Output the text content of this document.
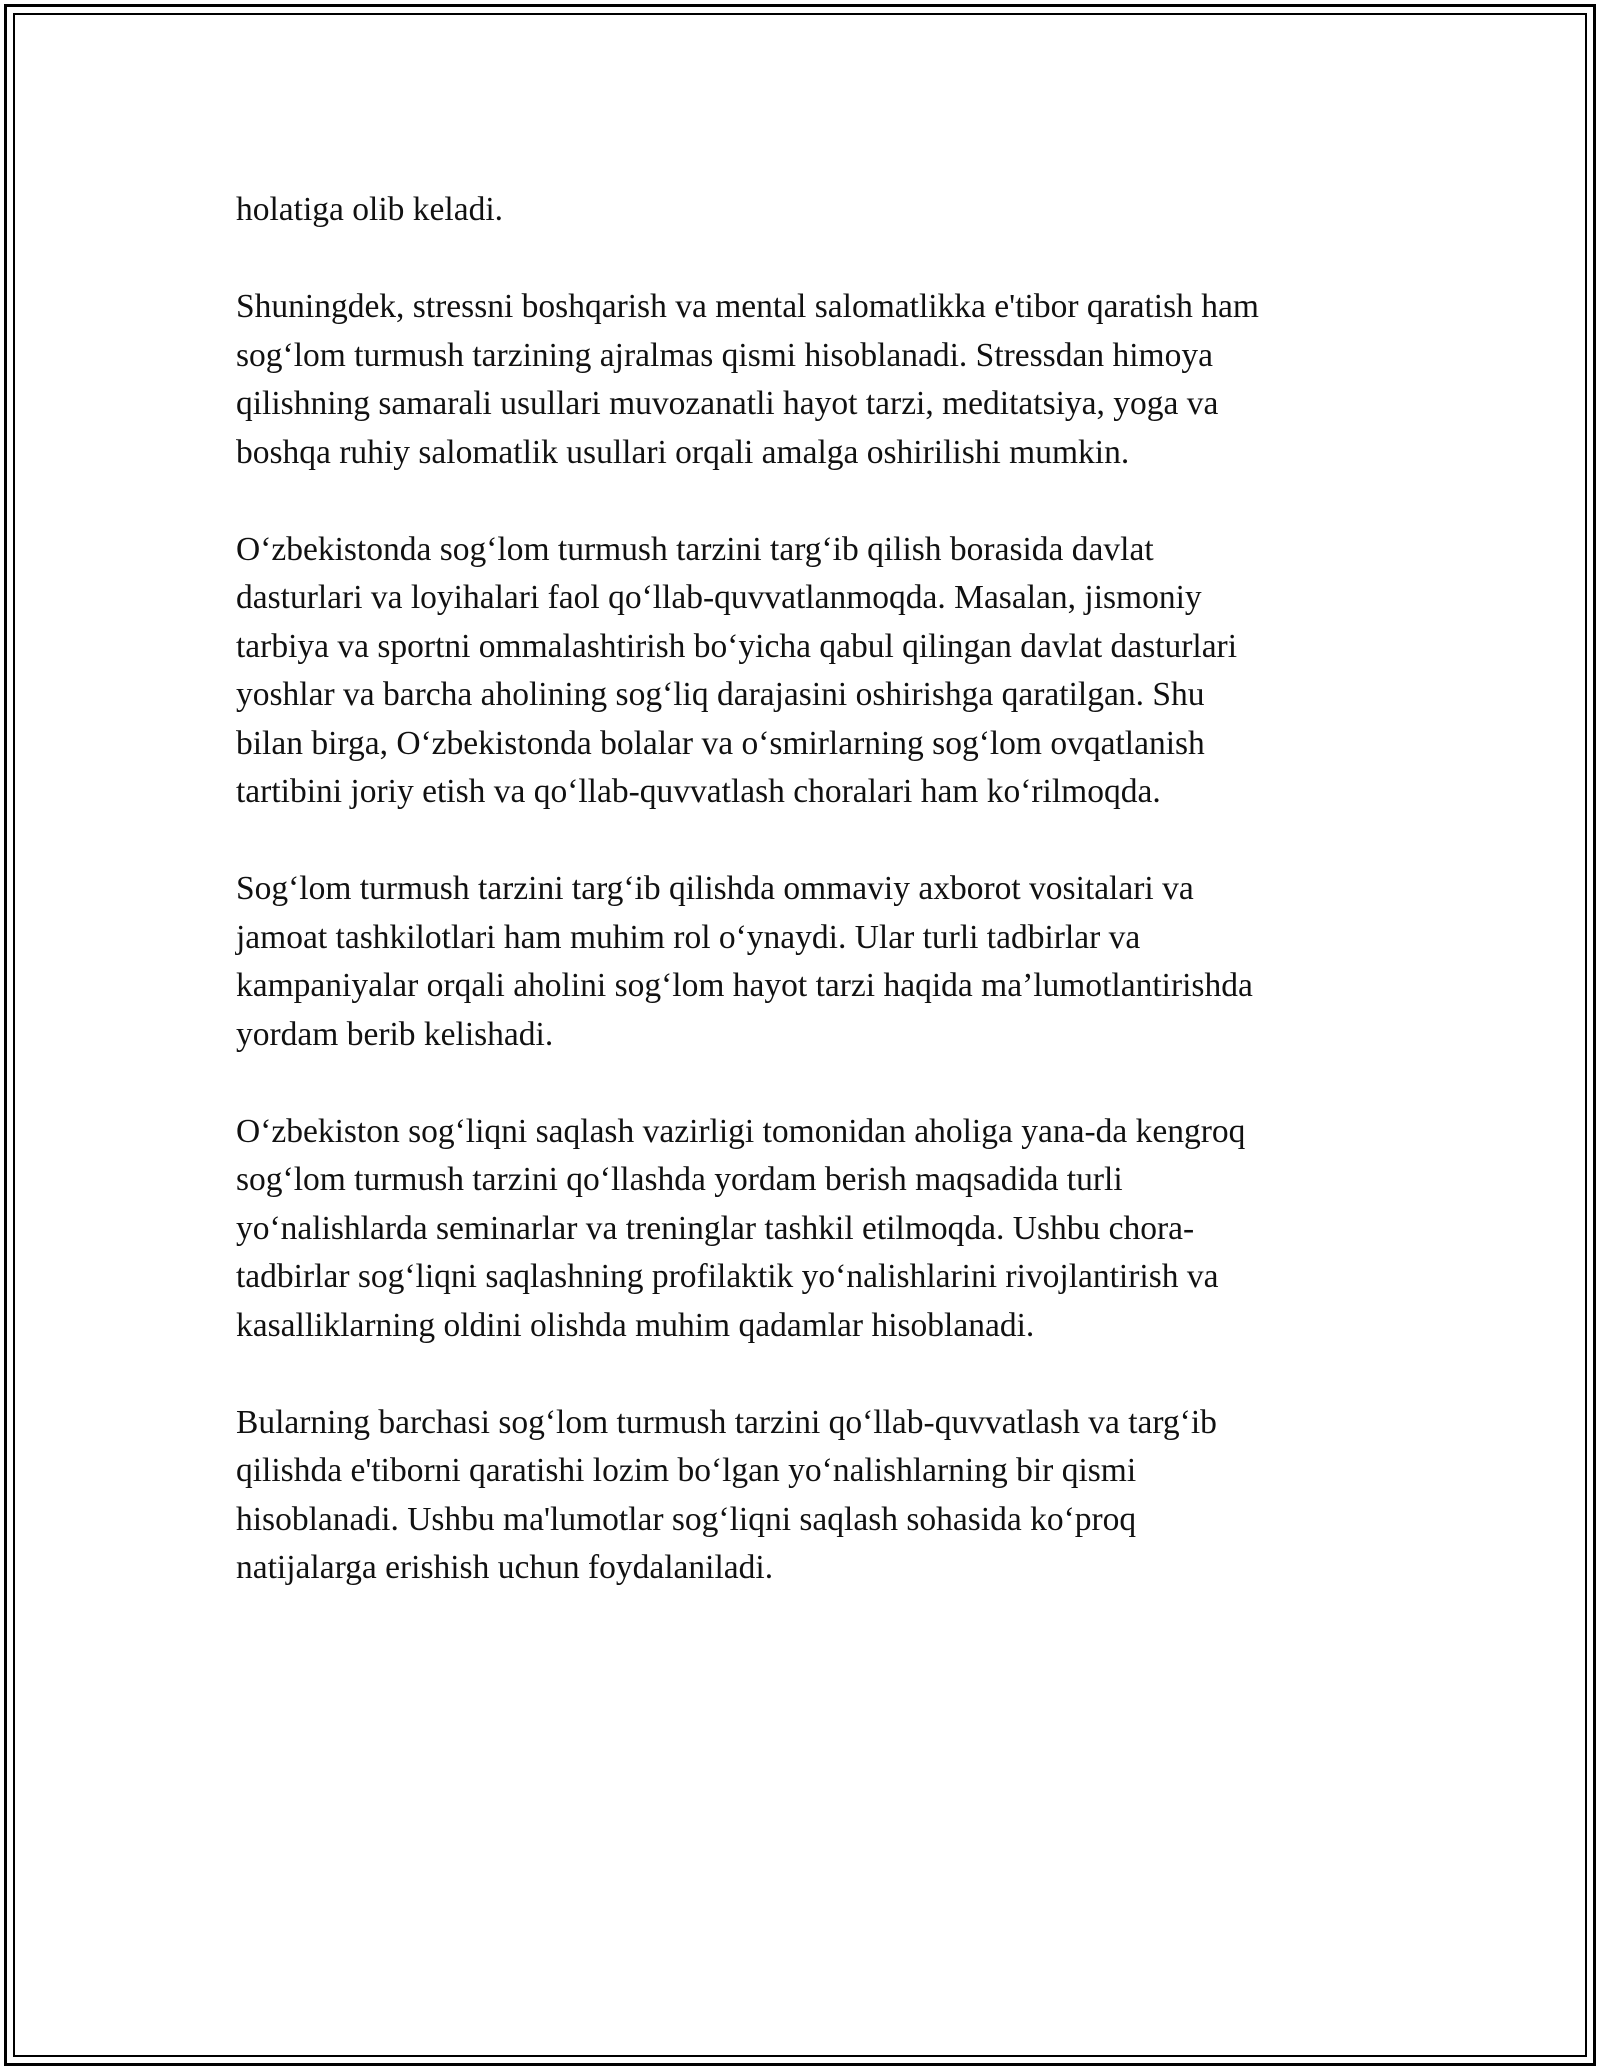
holatiga olib keladi.

Shuningdek, stressni boshqarish va mental salomatlikka e'tibor qaratish ham
sog‘lom turmush tarzining ajralmas qismi hisoblanadi. Stressdan himoya
qilishning samarali usullari muvozanatli hayot tarzi, meditatsiya, yoga va
boshqa ruhiy salomatlik usullari orqali amalga oshirilishi mumkin.

O‘zbekistonda sog‘lom turmush tarzini targ‘ib qilish borasida davlat
dasturlari va loyihalari faol qo‘llab-quvvatlanmoqda. Masalan, jismoniy
tarbiya va sportni ommalashtirish bo‘yicha qabul qilingan davlat dasturlari
yoshlar va barcha aholining sog‘liq darajasini oshirishga qaratilgan. Shu
bilan birga, O‘zbekistonda bolalar va o‘smirlarning sog‘lom ovqatlanish
tartibini joriy etish va qo‘llab-quvvatlash choralari ham ko‘rilmoqda.

Sog‘lom turmush tarzini targ‘ib qilishda ommaviy axborot vositalari va
jamoat tashkilotlari ham muhim rol o‘ynaydi. Ular turli tadbirlar va
kampaniyalar orqali aholini sog‘lom hayot tarzi haqida ma’lumotlantirishda
yordam berib kelishadi.

O‘zbekiston sog‘liqni saqlash vazirligi tomonidan aholiga yana-da kengroq
sog‘lom turmush tarzini qo‘llashda yordam berish maqsadida turli
yo‘nalishlarda seminarlar va treninglar tashkil etilmoqda. Ushbu chora-
tadbirlar sog‘liqni saqlashning profilaktik yo‘nalishlarini rivojlantirish va
kasalliklarning oldini olishda muhim qadamlar hisoblanadi.

Bularning barchasi sog‘lom turmush tarzini qo‘llab-quvvatlash va targ‘ib
qilishda e'tiborni qaratishi lozim bo‘lgan yo‘nalishlarning bir qismi
hisoblanadi. Ushbu ma'lumotlar sog‘liqni saqlash sohasida ko‘proq
natijalarga erishish uchun foydalaniladi.
